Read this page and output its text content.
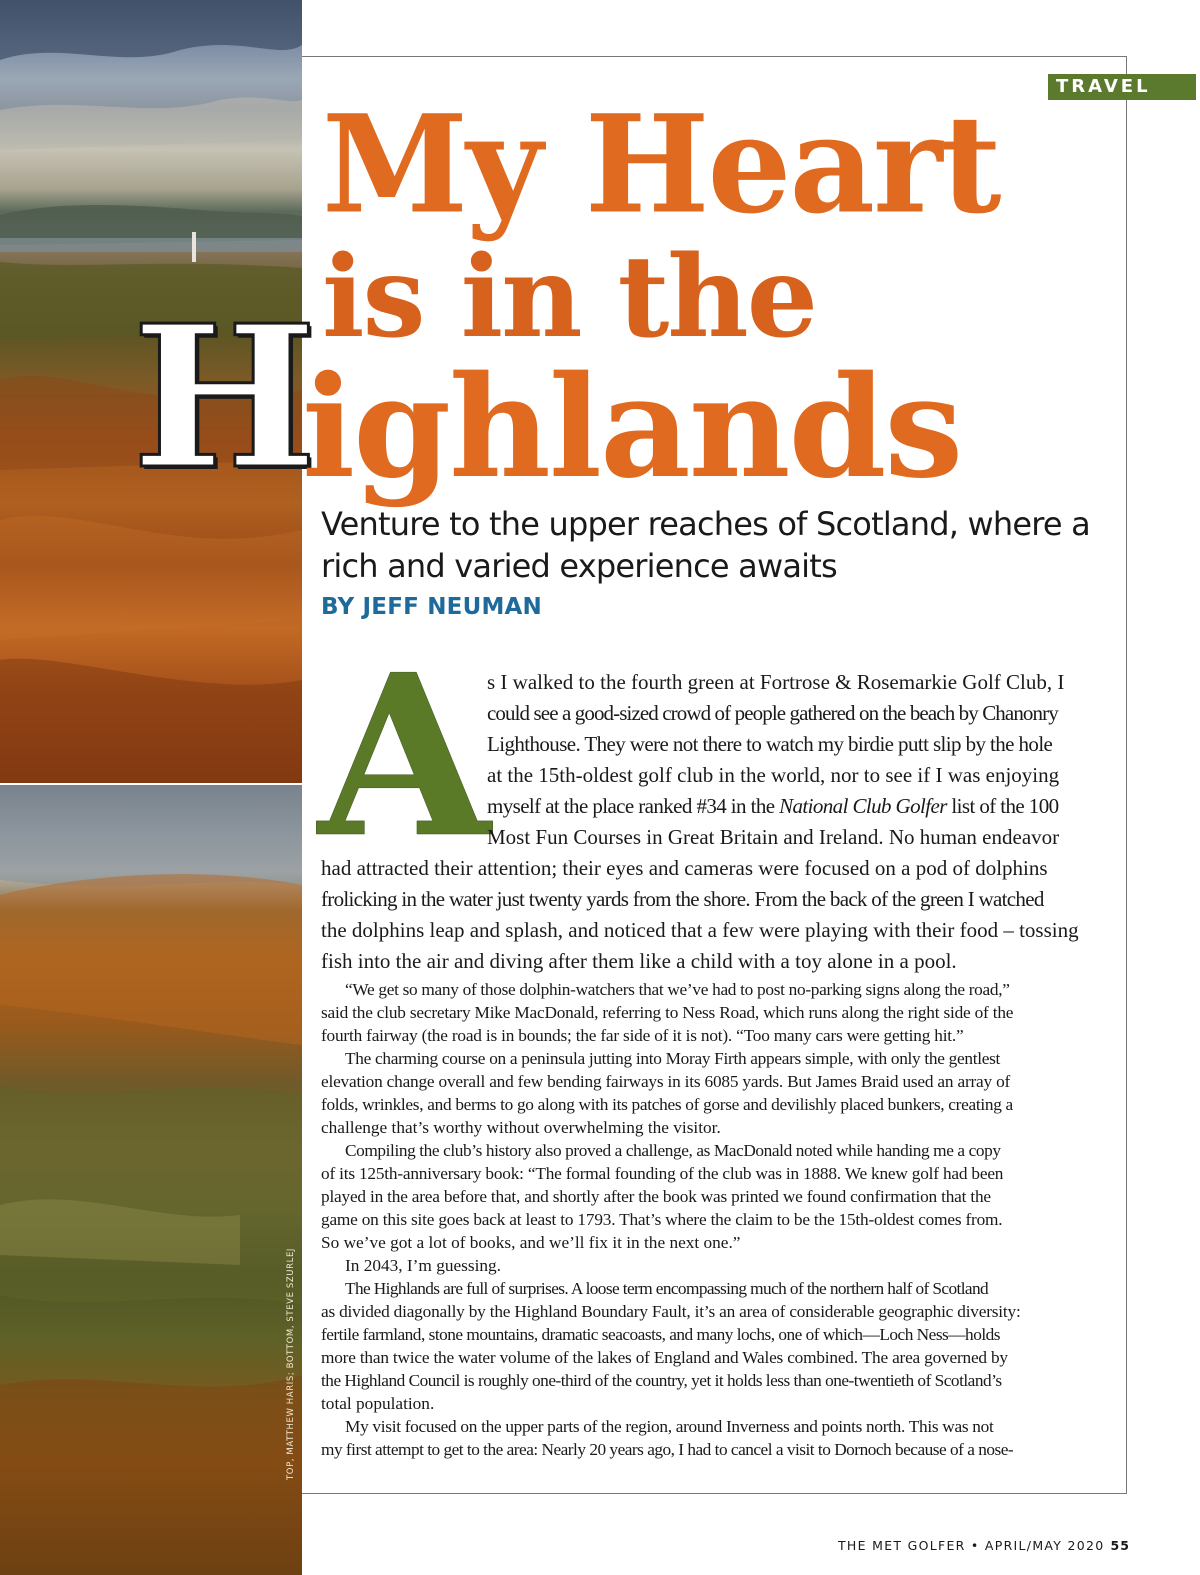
TOP, MATTHEW HARIS; BOTTOM, STEVE SZURLEJ
TRAVEL
My Heart
is in the
H
ighlands

Venture to the upper reaches of Scotland, where a rich and varied experience awaits

BY JEFF NEUMAN
A
s I walked to the fourth green at Fortrose & Rosemarkie Golf Club, I
could see a good-sized crowd of people gathered on the beach by Chanonry
Lighthouse. They were not there to watch my birdie putt slip by the hole
at the 15th-oldest golf club in the world, nor to see if I was enjoying
myself at the place ranked #34 in the National Club Golfer list of the 100
Most Fun Courses in Great Britain and Ireland. No human endeavor
had attracted their attention; their eyes and cameras were focused on a pod of dolphins
frolicking in the water just twenty yards from the shore. From the back of the green I watched
the dolphins leap and splash, and noticed that a few were playing with their food – tossing
fish into the air and diving after them like a child with a toy alone in a pool.
“We get so many of those dolphin-watchers that we’ve had to post no-parking signs along the road,”
said the club secretary Mike MacDonald, referring to Ness Road, which runs along the right side of the
fourth fairway (the road is in bounds; the far side of it is not). “Too many cars were getting hit.”
The charming course on a peninsula jutting into Moray Firth appears simple, with only the gentlest
elevation change overall and few bending fairways in its 6085 yards. But James Braid used an array of
folds, wrinkles, and berms to go along with its patches of gorse and devilishly placed bunkers, creating a
challenge that’s worthy without overwhelming the visitor.
Compiling the club’s history also proved a challenge, as MacDonald noted while handing me a copy
of its 125th-anniversary book: “The formal founding of the club was in 1888. We knew golf had been
played in the area before that, and shortly after the book was printed we found confirmation that the
game on this site goes back at least to 1793. That’s where the claim to be the 15th-oldest comes from.
So we’ve got a lot of books, and we’ll fix it in the next one.”
In 2043, I’m guessing.
The Highlands are full of surprises. A loose term encompassing much of the northern half of Scotland
as divided diagonally by the Highland Boundary Fault, it’s an area of considerable geographic diversity:
fertile farmland, stone mountains, dramatic seacoasts, and many lochs, one of which—Loch Ness—holds
more than twice the water volume of the lakes of England and Wales combined. The area governed by
the Highland Council is roughly one-third of the country, yet it holds less than one-twentieth of Scotland’s
total population.
My visit focused on the upper parts of the region, around Inverness and points north. This was not
my first attempt to get to the area: Nearly 20 years ago, I had to cancel a visit to Dornoch because of a nose-
THE MET GOLFER • APRIL/MAY 2020 55
